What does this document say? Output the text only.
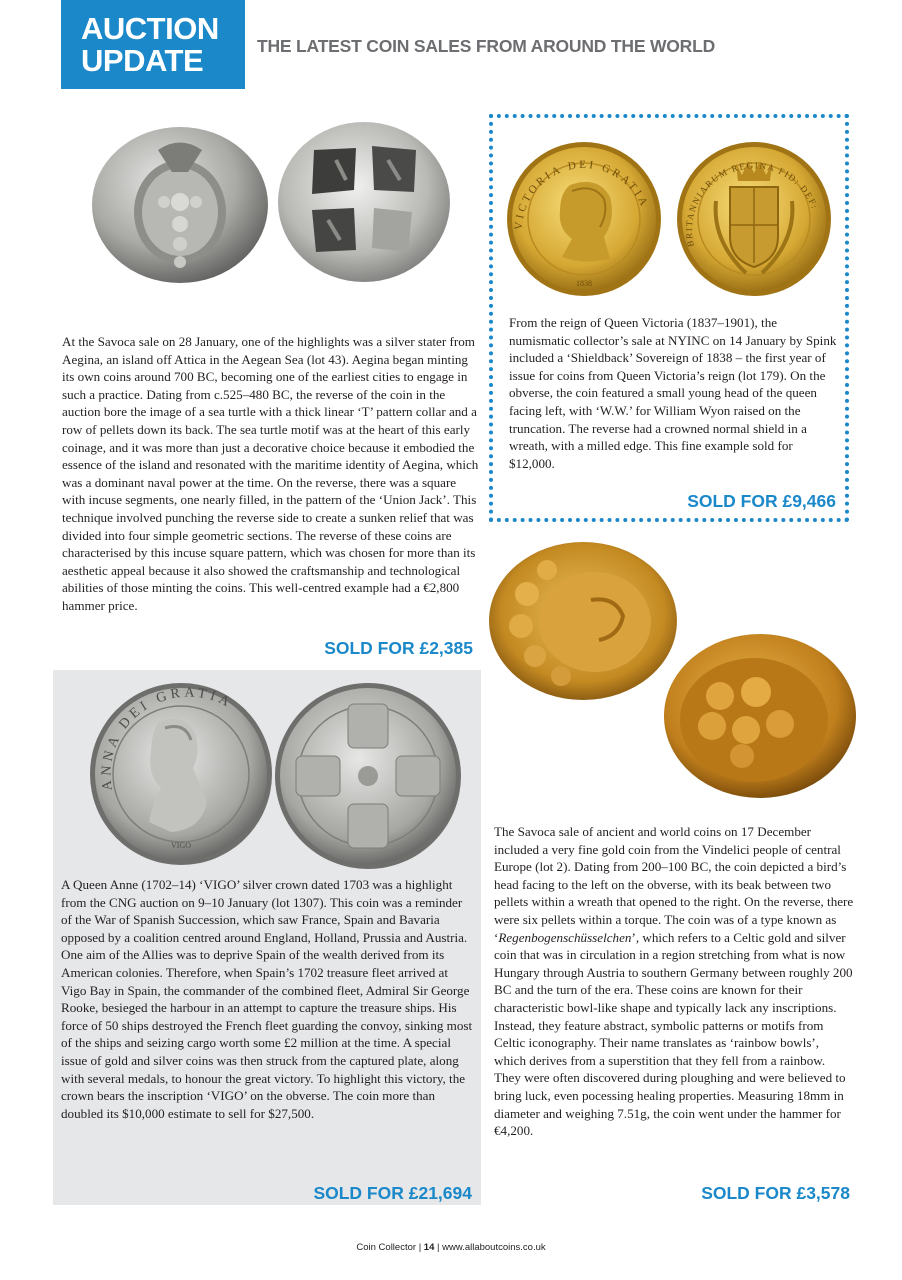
AUCTION
UPDATE	THE LATEST COIN SALES FROM AROUND THE WORLD
At the Savoca sale on 28 January, one of the highlights was a silver stater from Aegina, an island off Attica in the Aegean Sea (lot 43). Aegina began minting its own coins around 700 BC, becoming one of the earliest cities to engage in such a practice. Dating from c.525–480 BC, the reverse of the coin in the auction bore the image of a sea turtle with a thick linear ‘T’ pattern collar and a row of pellets down its back. The sea turtle motif was at the heart of this early coinage, and it was more than just a decorative choice because it embodied the essence of the island and resonated with the maritime identity of Aegina, which was a dominant naval power at the time. On the reverse, there was a square with incuse segments, one nearly filled, in the pattern of the ‘Union Jack’. This technique involved punching the reverse side to create a sunken relief that was divided into four simple geometric sections. The reverse of these coins are characterised by this incuse square pattern, which was chosen for more than its aesthetic appeal because it also showed the craftsmanship and technological abilities of those minting the coins. This well-centred example had a €2,800 hammer price.
SOLD FOR £2,385
From the reign of Queen Victoria (1837–1901), the numismatic collector’s sale at NYINC on 14 January by Spink included a ‘Shieldback’ Sovereign of 1838 – the first year of issue for coins from Queen Victoria’s reign (lot 179). On the obverse, the coin featured a small young head of the queen facing left, with ‘W.W.’ for William Wyon raised on the truncation. The reverse had a crowned normal shield in a wreath, with a milled edge. This fine example sold for $12,000.
SOLD FOR £9,466
The Savoca sale of ancient and world coins on 17 December included a very fine gold coin from the Vindelici people of central Europe (lot 2). Dating from 200–100 BC, the coin depicted a bird’s head facing to the left on the obverse, with its beak between two pellets within a wreath that opened to the right. On the reverse, there were six pellets within a torque. The coin was of a type known as ‘Regenbogenschüsselchen’, which refers to a Celtic gold and silver coin that was in circulation in a region stretching from what is now Hungary through Austria to southern Germany between roughly 200 BC and the turn of the era. These coins are known for their characteristic bowl-like shape and typically lack any inscriptions. Instead, they feature abstract, symbolic patterns or motifs from Celtic iconography. Their name translates as ‘rainbow bowls’, which derives from a superstition that they fell from a rainbow. They were often discovered during ploughing and were believed to bring luck, even pocessing healing properties. Measuring 18mm in diameter and weighing 7.51g, the coin went under the hammer for €4,200.
SOLD FOR £3,578
A Queen Anne (1702–14) ‘VIGO’ silver crown dated 1703 was a highlight from the CNG auction on 9–10 January (lot 1307). This coin was a reminder of the War of Spanish Succession, which saw France, Spain and Bavaria opposed by a coalition centred around England, Holland, Prussia and Austria. One aim of the Allies was to deprive Spain of the wealth derived from its American colonies. Therefore, when Spain’s 1702 treasure fleet arrived at Vigo Bay in Spain, the commander of the combined fleet, Admiral Sir George Rooke, besieged the harbour in an attempt to capture the treasure ships. His force of 50 ships destroyed the French fleet guarding the convoy, sinking most of the ships and seizing cargo worth some £2 million at the time. A special issue of gold and silver coins was then struck from the captured plate, along with several medals, to honour the great victory. To highlight this victory, the crown bears the inscription ‘VIGO’ on the obverse. The coin more than doubled its $10,000 estimate to sell for $27,500.
SOLD FOR £21,694
Coin Collector | 14 | www.allaboutcoins.co.uk
VICTORIA DEI GRATIA
BRITANNIARUM REGINA FID: DEF:
1838
ANNA DEI GRATIA
VIGO
